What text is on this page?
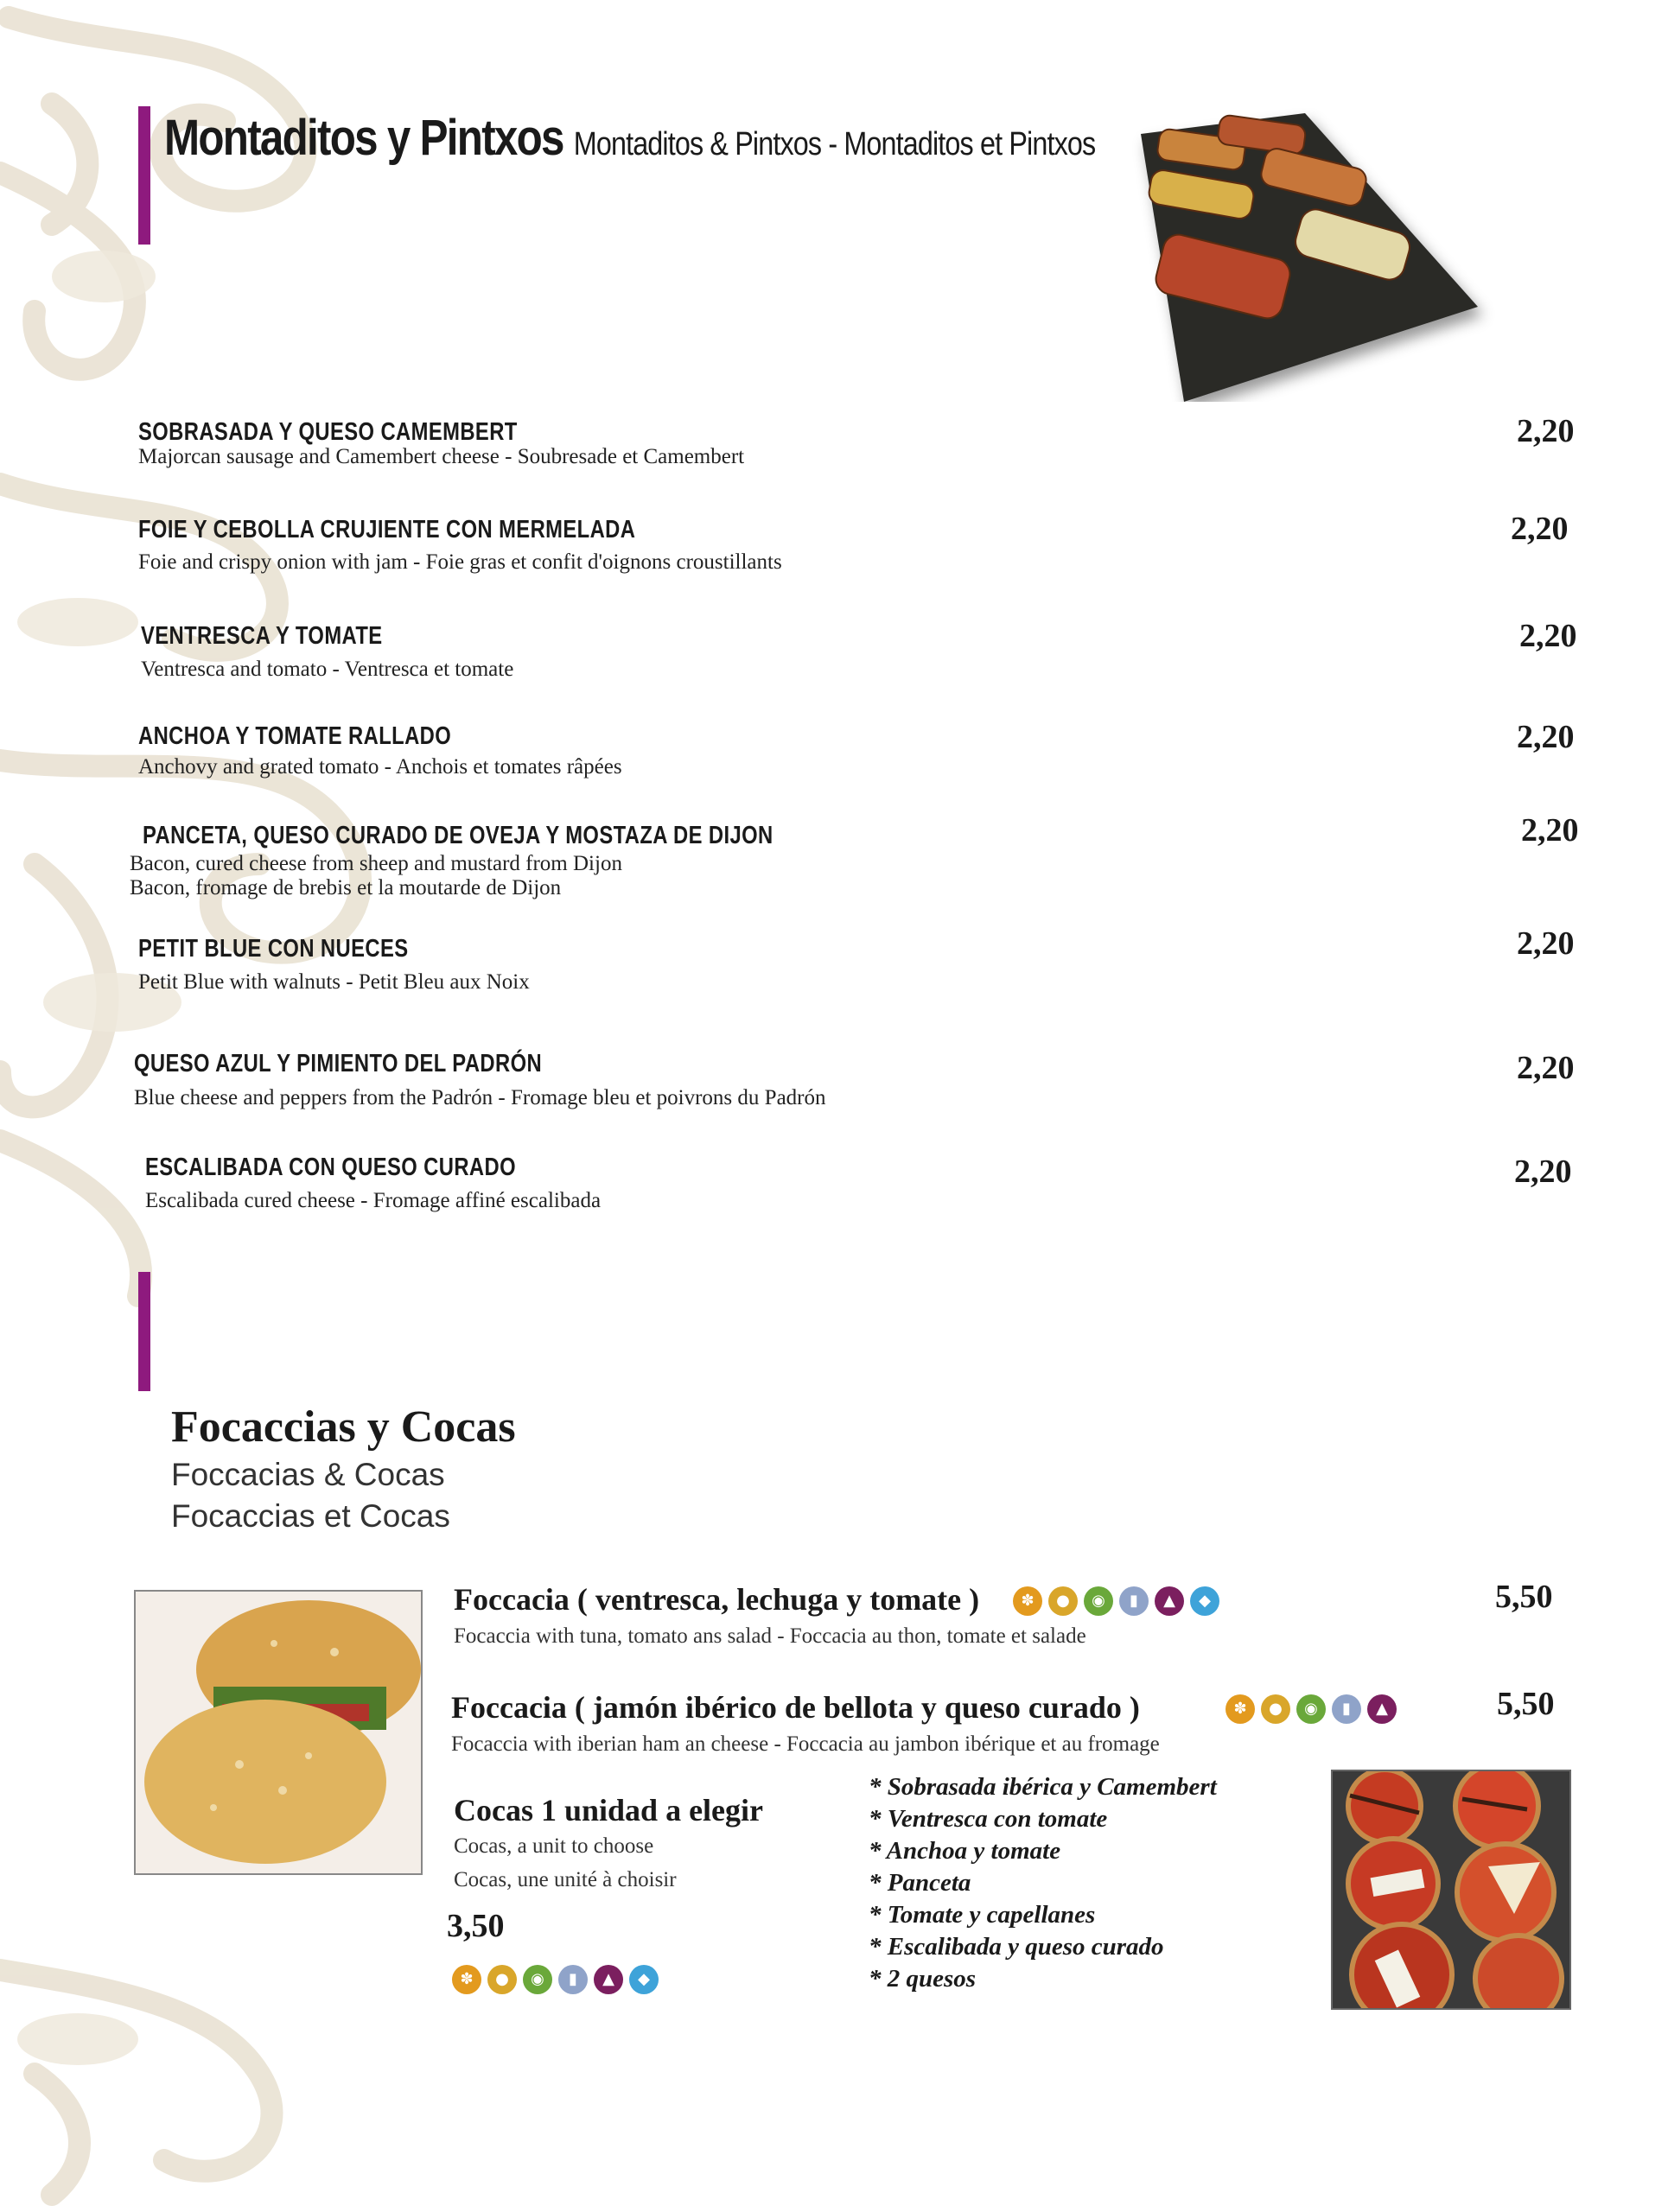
Montaditos y Pintxos Montaditos & Pintxos - Montaditos et Pintxos
SOBRASADA Y QUESO CAMEMBERT
Majorcan sausage and Camembert cheese - Soubresade et Camembert
2,20
FOIE Y CEBOLLA CRUJIENTE CON MERMELADA
Foie and crispy onion with jam - Foie gras et confit d'oignons croustillants
2,20
VENTRESCA Y TOMATE
Ventresca and tomato - Ventresca et tomate
2,20
ANCHOA Y TOMATE RALLADO
Anchovy and grated tomato - Anchois et tomates râpées
2,20
PANCETA, QUESO CURADO DE OVEJA Y MOSTAZA DE DIJON
Bacon, cured cheese from sheep and mustard from Dijon
Bacon, fromage de brebis et la moutarde de Dijon
2,20
PETIT BLUE CON NUECES
Petit Blue with walnuts - Petit Bleu aux Noix
2,20
QUESO AZUL Y PIMIENTO DEL PADRÓN
Blue cheese and peppers from the Padrón - Fromage bleu et poivrons du Padrón
2,20
ESCALIBADA CON QUESO CURADO
Escalibada cured cheese - Fromage affiné escalibada
2,20
Focaccias y Cocas
Foccacias & Cocas
Focaccias et Cocas
Foccacia ( ventresca, lechuga y tomate )	✽	●	◉	▮	▲	◆
Focaccia with tuna, tomato ans salad - Foccacia au thon, tomate et salade
5,50
Foccacia ( jamón ibérico de bellota y queso curado )	✽	●	◉	▮	▲
Focaccia with iberian ham an cheese - Foccacia au jambon ibérique et au fromage
5,50
Cocas 1 unidad a elegir
Cocas, a unit to choose
Cocas, une unité à choisir
3,50
✽	●	◉	▮	▲	◆
* Sobrasada ibérica y Camembert
* Ventresca con tomate
* Anchoa y tomate
* Panceta
* Tomate y capellanes
* Escalibada y queso curado
* 2 quesos
